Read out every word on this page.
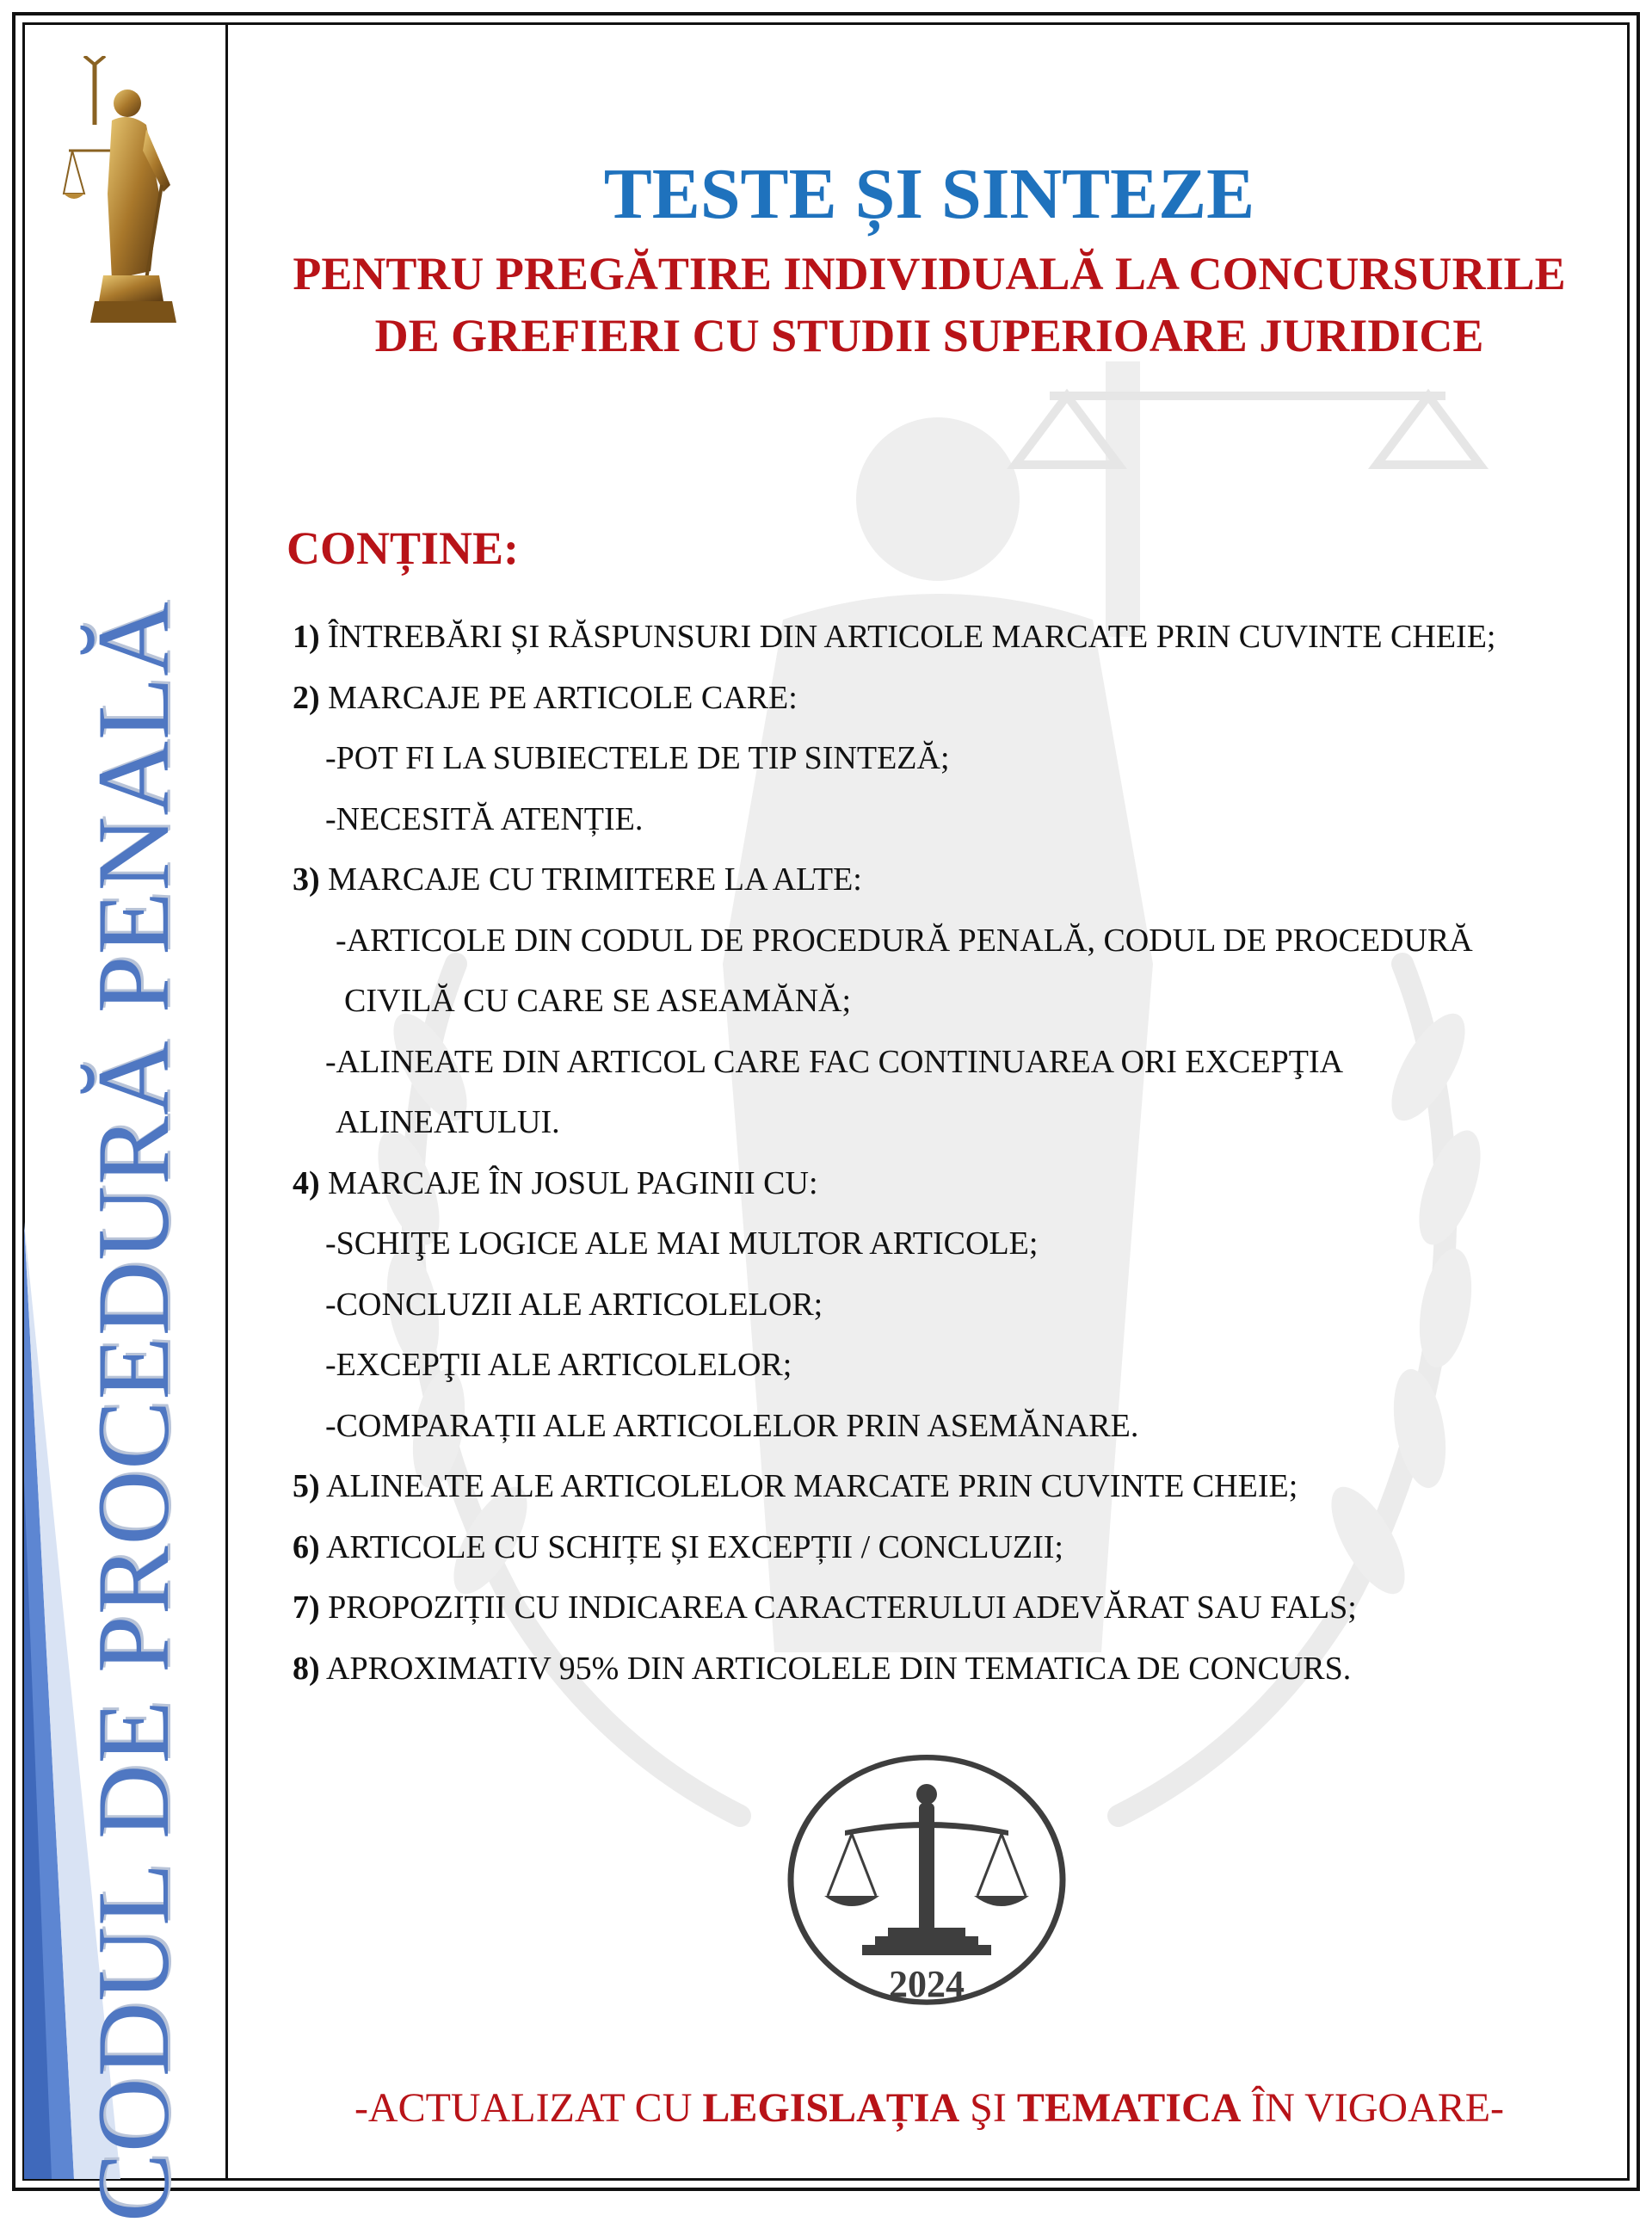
CODUL DE PROCEDURĂ PENALĂ
TESTE ȘI SINTEZE
PENTRU PREGĂTIRE INDIVIDUALĂ LA CONCURSURILE
DE GREFIERI CU STUDII SUPERIOARE JURIDICE
CONȚINE:
1) ÎNTREBĂRI ȘI RĂSPUNSURI DIN ARTICOLE MARCATE PRIN CUVINTE CHEIE;
2) MARCAJE PE ARTICOLE CARE:
-POT FI LA SUBIECTELE DE TIP SINTEZĂ;
-NECESITĂ ATENȚIE.
3) MARCAJE CU TRIMITERE LA ALTE:
-ARTICOLE DIN CODUL DE PROCEDURĂ PENALĂ, CODUL DE PROCEDURĂ
CIVILĂ CU CARE SE ASEAMĂNĂ;
-ALINEATE DIN ARTICOL CARE FAC CONTINUAREA ORI EXCEPŢIA
ALINEATULUI.
4) MARCAJE ÎN JOSUL PAGINII CU:
-SCHIŢE LOGICE ALE MAI MULTOR ARTICOLE;
-CONCLUZII ALE ARTICOLELOR;
-EXCEPŢII ALE ARTICOLELOR;
-COMPARAȚII ALE ARTICOLELOR PRIN ASEMĂNARE.
5) ALINEATE ALE ARTICOLELOR MARCATE PRIN CUVINTE CHEIE;
6) ARTICOLE CU SCHIȚE ȘI EXCEPȚII / CONCLUZII;
7) PROPOZIȚII CU INDICAREA CARACTERULUI ADEVĂRAT SAU FALS;
8) APROXIMATIV 95% DIN ARTICOLELE DIN TEMATICA DE CONCURS.
2024
-ACTUALIZAT CU LEGISLAȚIA ŞI TEMATICA ÎN VIGOARE-
